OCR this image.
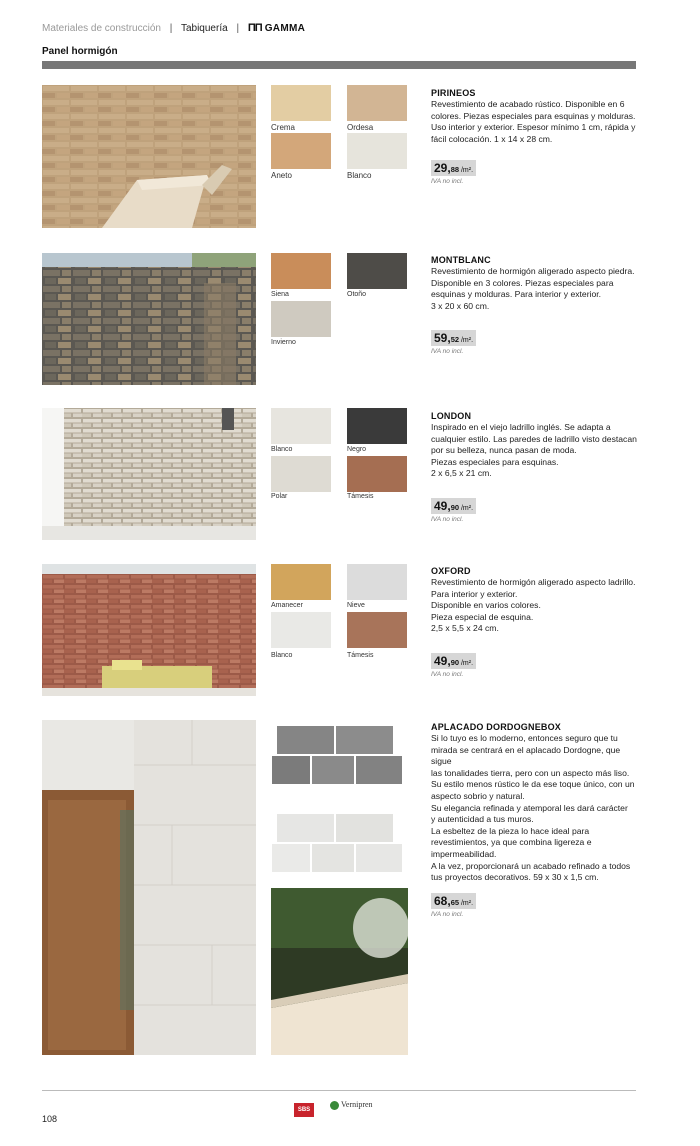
Materiales de construcción | Tabiquería | ΠΠ GAMMA
Panel hormigón
Crema	Ordesa
Aneto	Blanco
PIRINEOS
Revestimiento de acabado rústico. Disponible en 6
colores. Piezas especiales para esquinas y molduras.
Uso interior y exterior. Espesor mínimo 1 cm, rápida y
fácil colocación. 1 x 14 x 28 cm.
29,88 /m².
IVA no incl.
Siena	Otoño
Invierno
MONTBLANC
Revestimiento de hormigón aligerado aspecto piedra.
Disponible en 3 colores. Piezas especiales para
esquinas y molduras. Para interior y exterior.
3 x 20 x 60 cm.
59,52 /m².
IVA no incl.
Blanco	Negro
Polar	Támesis
LONDON
Inspirado en el viejo ladrillo inglés. Se adapta a
cualquier estilo. Las paredes de ladrillo visto destacan
por su belleza, nunca pasan de moda.
Piezas especiales para esquinas.
2 x 6,5 x 21 cm.
49,90 /m².
IVA no incl.
Amanecer	Nieve
Blanco	Támesis
OXFORD
Revestimiento de hormigón aligerado aspecto ladrillo.
Para interior y exterior.
Disponible en varios colores.
Pieza especial de esquina.
2,5 x 5,5 x 24 cm.
49,90 /m².
IVA no incl.
APLACADO DORDOGNEBOX
Si lo tuyo es lo moderno, entonces seguro que tu
mirada se centrará en el aplacado Dordogne, que sigue
las tonalidades tierra, pero con un aspecto más liso.
Su estilo menos rústico le da ese toque único, con un
aspecto sobrio y natural.
Su elegancia refinada y atemporal les dará carácter
y autenticidad a tus muros.
La esbeltez de la pieza lo hace ideal para
revestimientos, ya que combina ligereza e
impermeabilidad.
A la vez, proporcionará un acabado refinado a todos
tus proyectos decorativos. 59 x 30 x 1,5 cm.
68,65 /m².
IVA no incl.
108
SBS
Vernipren
